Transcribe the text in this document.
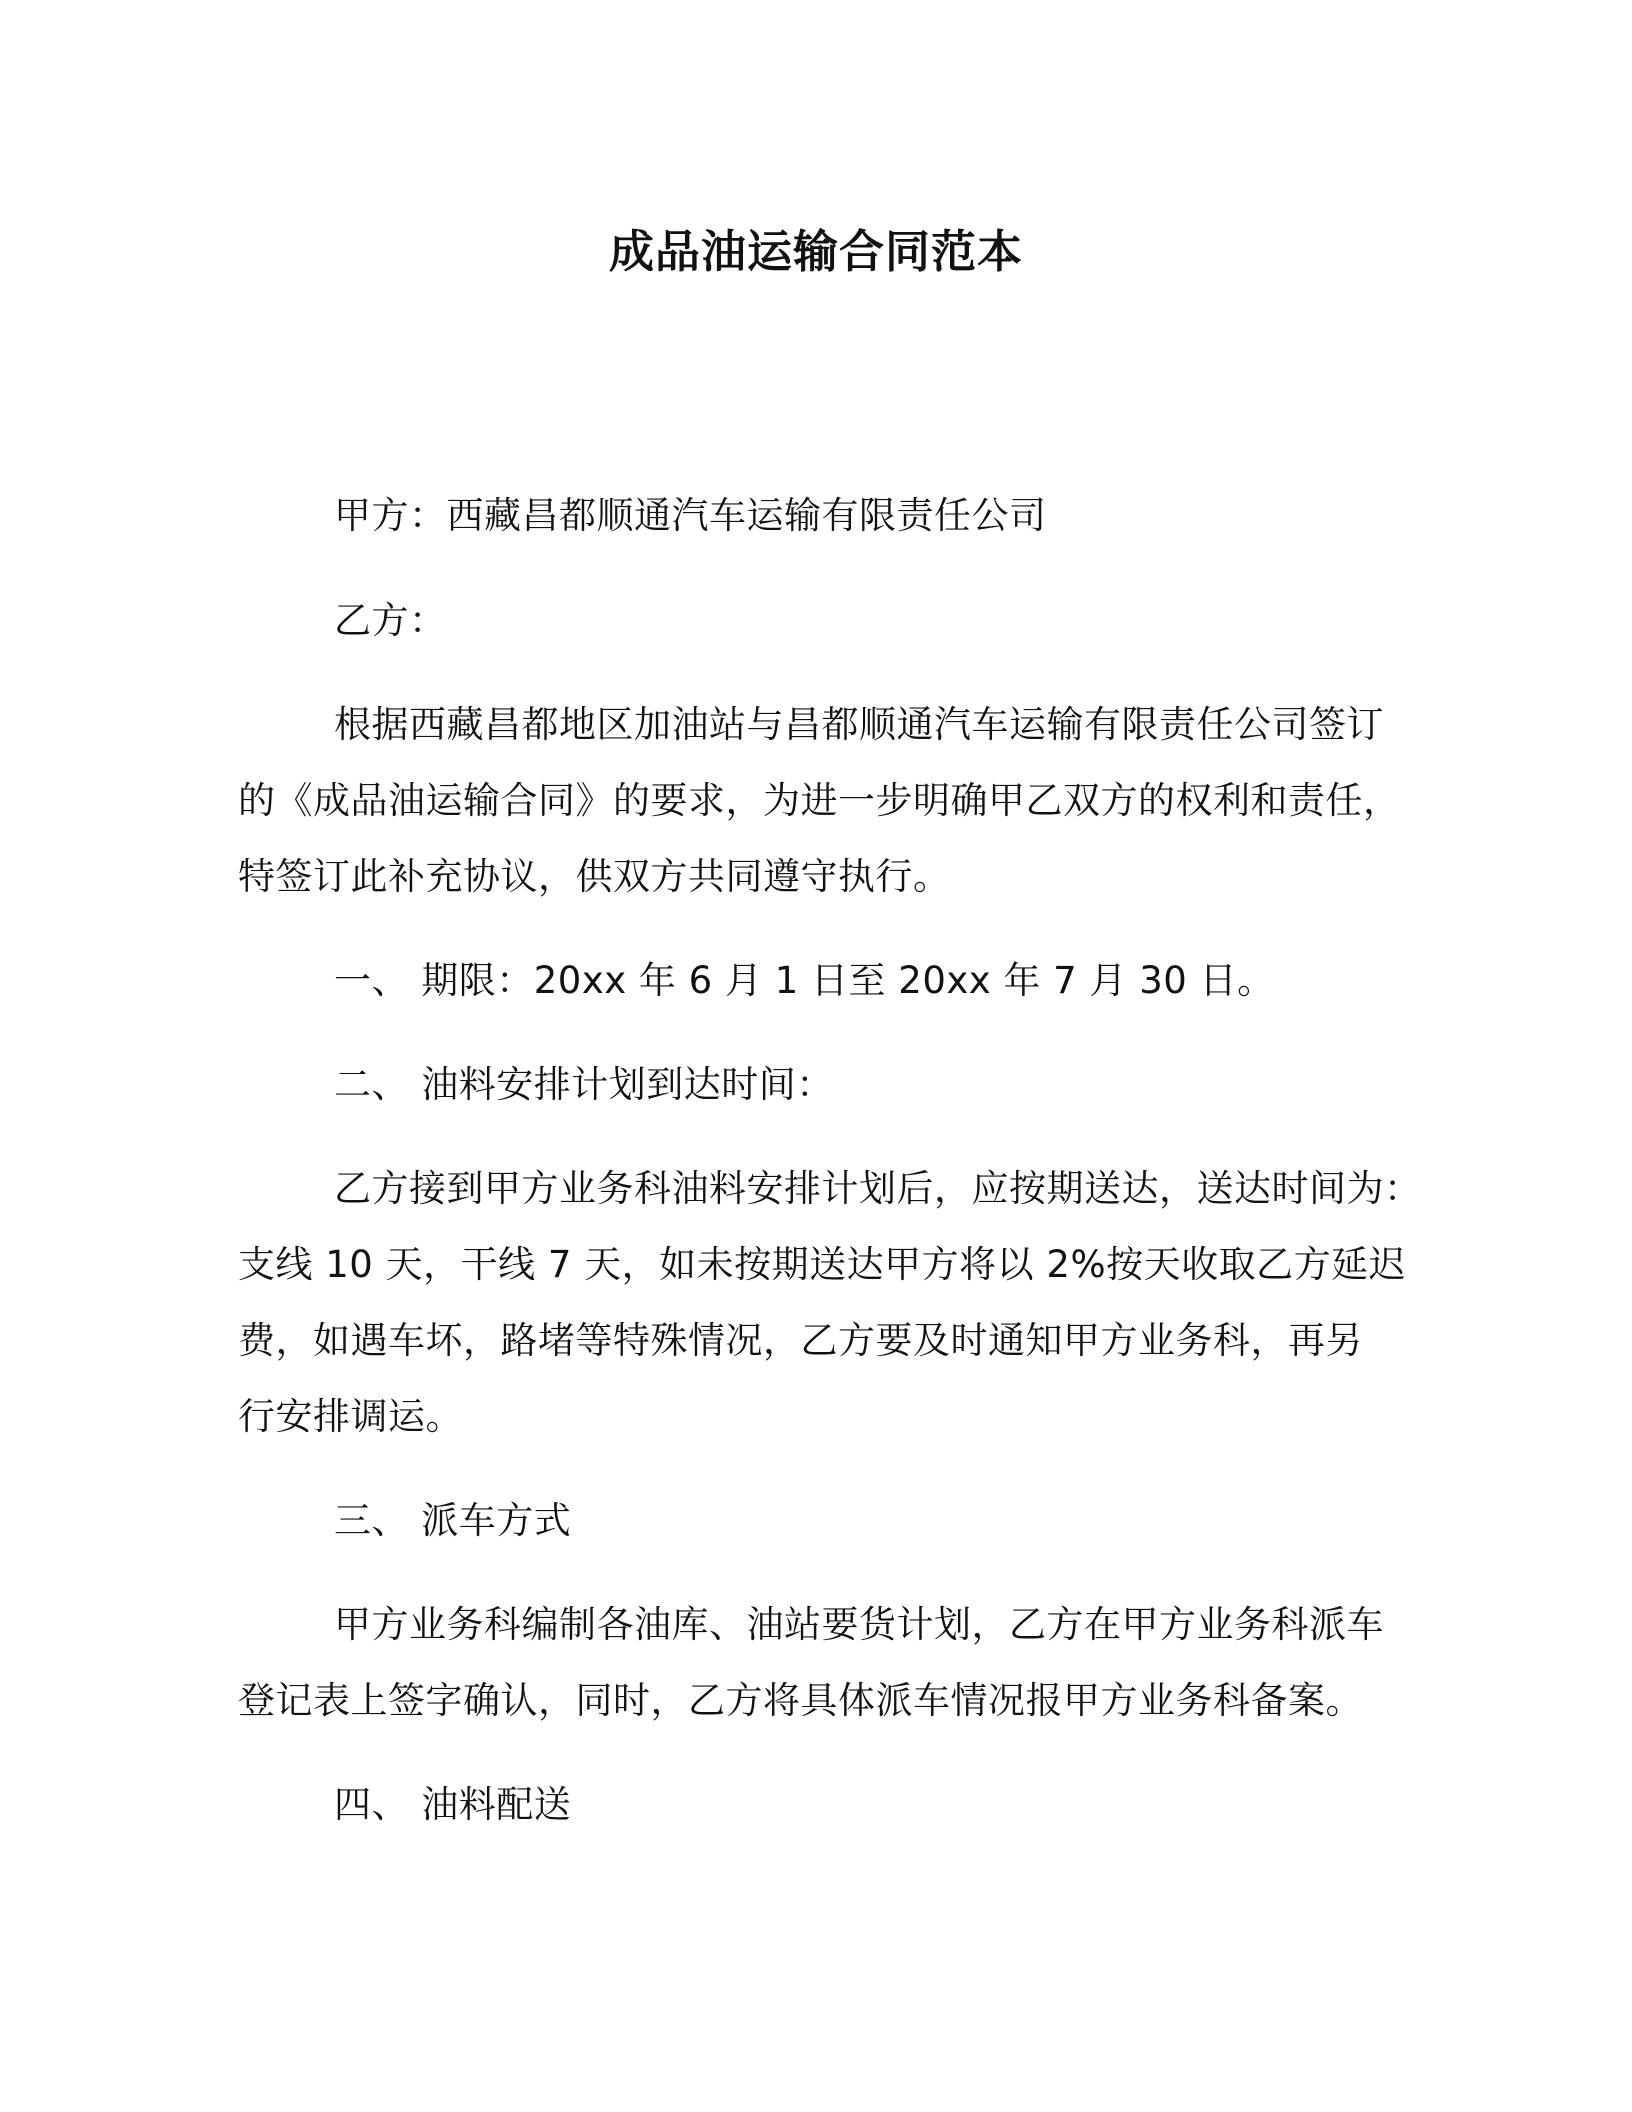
成品油运输合同范本
甲方：西藏昌都顺通汽车运输有限责任公司
乙方：
根据西藏昌都地区加油站与昌都顺通汽车运输有限责任公司签订
的《成品油运输合同》的要求，为进一步明确甲乙双方的权利和责任，
特签订此补充协议，供双方共同遵守执行。
一、 期限：20xx 年 6 月 1 日至 20xx 年 7 月 30 日。
二、 油料安排计划到达时间：
乙方接到甲方业务科油料安排计划后，应按期送达，送达时间为：
支线 10 天，干线 7 天，如未按期送达甲方将以 2%按天收取乙方延迟
费，如遇车坏，路堵等特殊情况，乙方要及时通知甲方业务科，再另
行安排调运。
三、 派车方式
甲方业务科编制各油库、油站要货计划，乙方在甲方业务科派车
登记表上签字确认，同时，乙方将具体派车情况报甲方业务科备案。
四、 油料配送
